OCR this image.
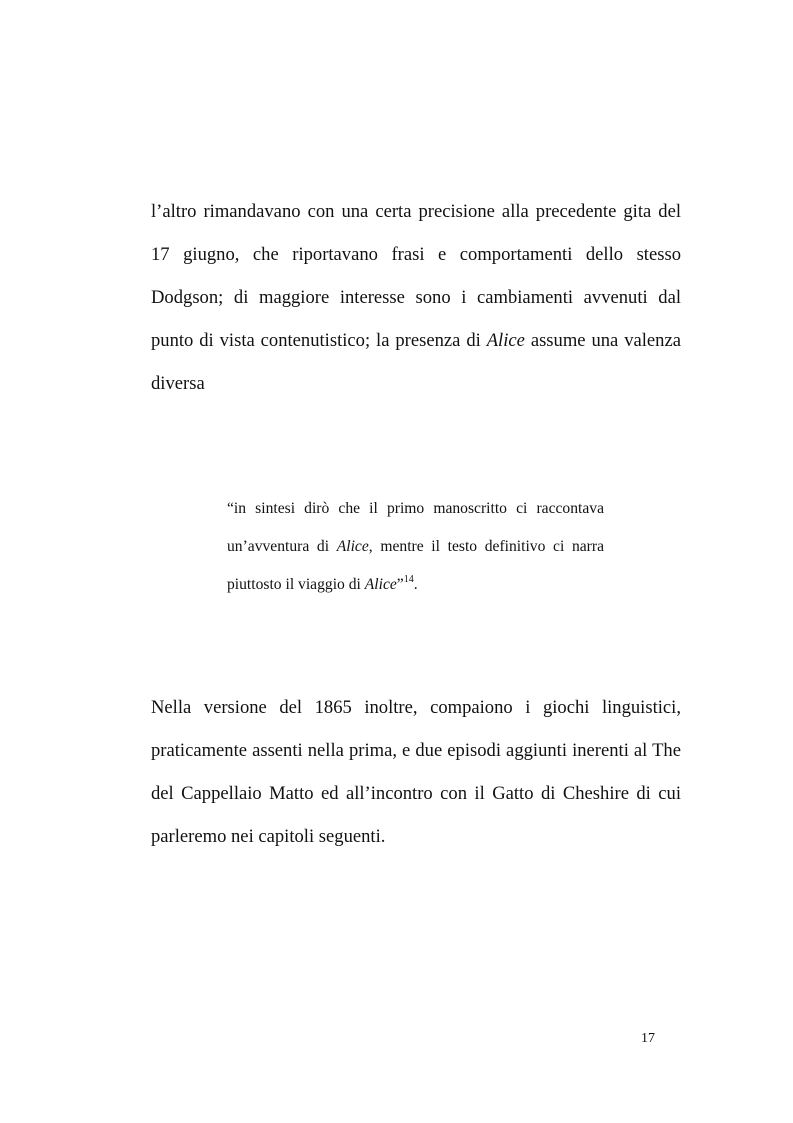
l’altro rimandavano con una certa precisione alla precedente gita del
17 giugno, che riportavano frasi e comportamenti dello stesso
Dodgson; di maggiore interesse sono i cambiamenti avvenuti dal
punto di vista contenutistico; la presenza di Alice assume una valenza
diversa
“in sintesi dirò che il primo manoscritto ci raccontava
un’avventura di Alice, mentre il testo definitivo ci narra
piuttosto il viaggio di Alice”$^{14}$.
Nella versione del 1865 inoltre, compaiono i giochi linguistici,
praticamente assenti nella prima, e due episodi aggiunti inerenti al The
del Cappellaio Matto ed all’incontro con il Gatto di Cheshire di cui
parleremo nei capitoli seguenti.
17
